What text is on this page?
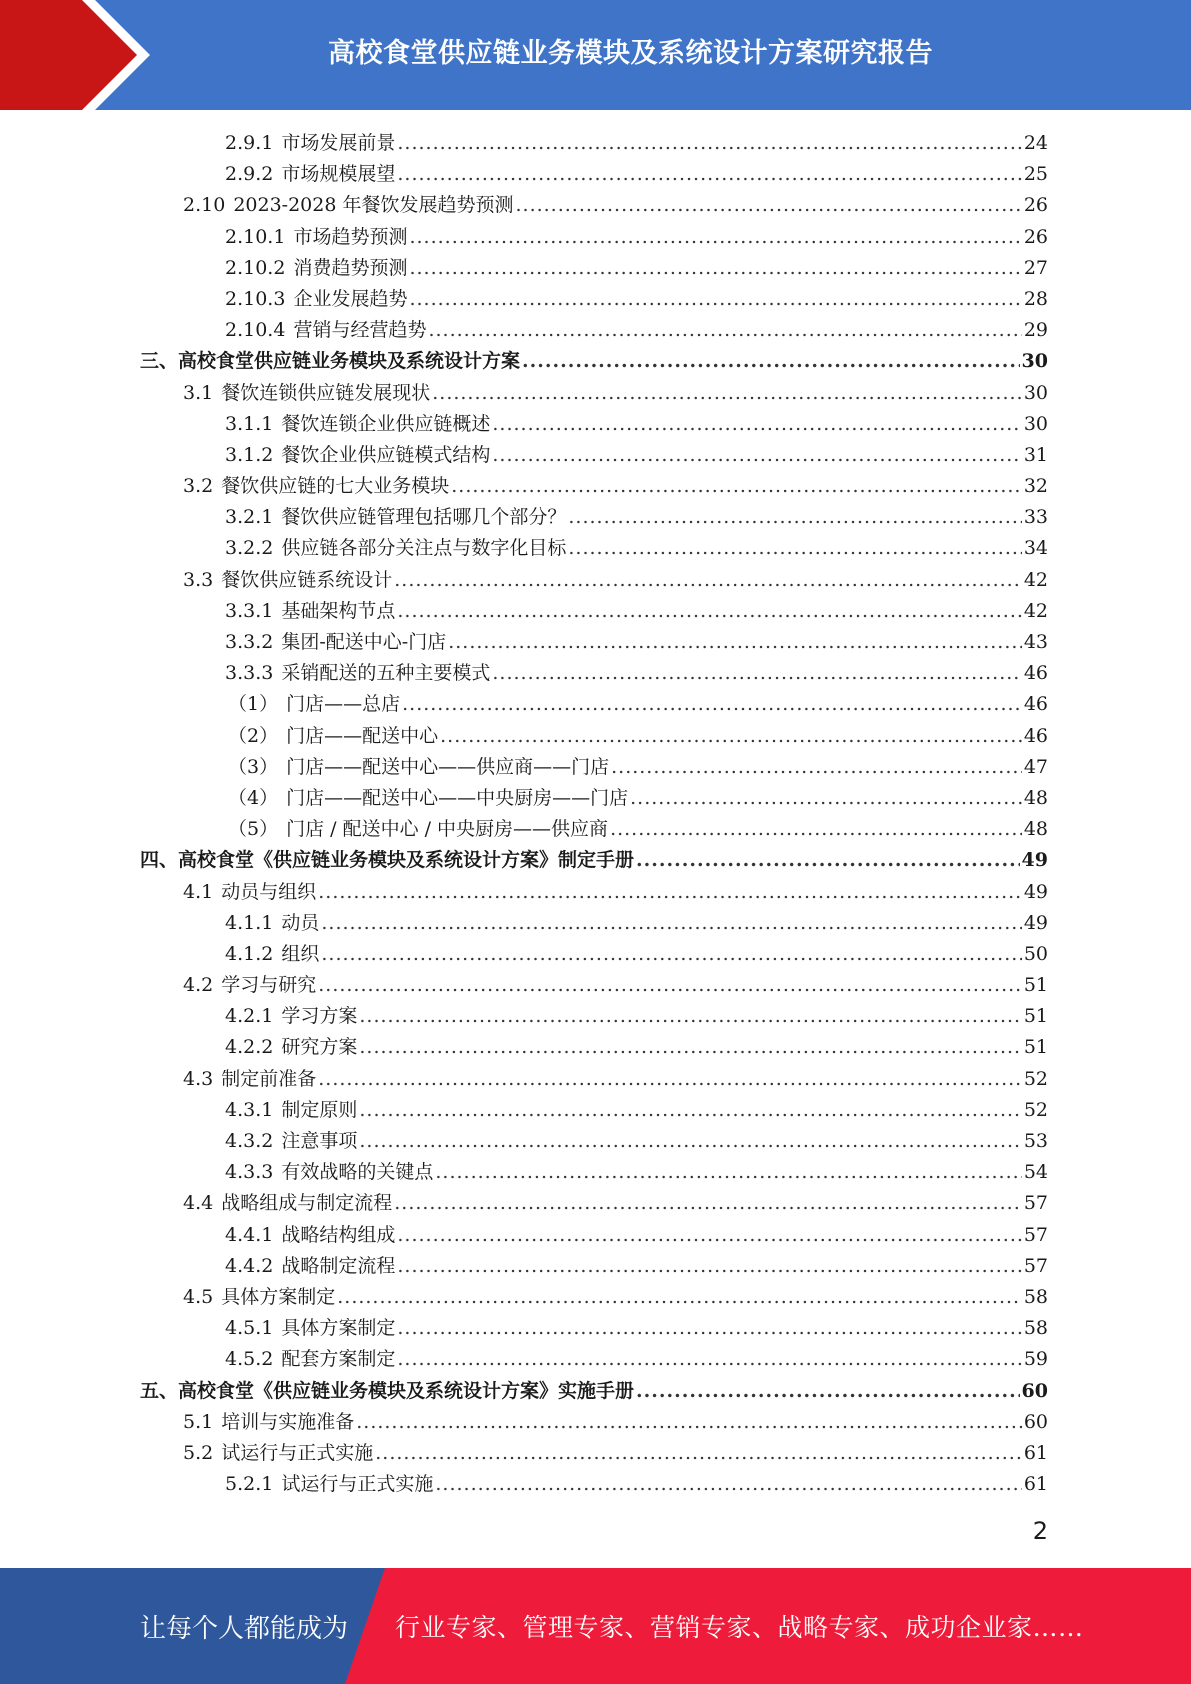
高校食堂供应链业务模块及系统设计方案研究报告
2.9.1 市场发展前景 .....	24
2.9.2 市场规模展望 .....	25
2.10 2023-2028 年餐饮发展趋势预测 .....	26
2.10.1 市场趋势预测 .....	26
2.10.2 消费趋势预测 .....	27
2.10.3 企业发展趋势 .....	28
2.10.4 营销与经营趋势 .....	29
三、 高校食堂供应链业务模块及系统设计方案 .....	30
3.1 餐饮连锁供应链发展现状 .....	30
3.1.1 餐饮连锁企业供应链概述 .....	30
3.1.2 餐饮企业供应链模式结构 .....	31
3.2 餐饮供应链的七大业务模块 .....	32
3.2.1 餐饮供应链管理包括哪几个部分？ .....	33
3.2.2 供应链各部分关注点与数字化目标 .....	34
3.3 餐饮供应链系统设计 .....	42
3.3.1 基础架构节点 .....	42
3.3.2 集团-配送中心-门店 .....	43
3.3.3 采销配送的五种主要模式 .....	46
（1） 门店——总店 .....	46
（2） 门店——配送中心 .....	46
（3） 门店——配送中心——供应商——门店 .....	47
（4） 门店——配送中心——中央厨房——门店 .....	48
（5） 门店 / 配送中心 / 中央厨房——供应商 .....	48
四、 高校食堂《供应链业务模块及系统设计方案》制定手册 .....	49
4.1 动员与组织 .....	49
4.1.1 动员 .....	49
4.1.2 组织 .....	50
4.2 学习与研究 .....	51
4.2.1 学习方案 .....	51
4.2.2 研究方案 .....	51
4.3 制定前准备 .....	52
4.3.1 制定原则 .....	52
4.3.2 注意事项 .....	53
4.3.3 有效战略的关键点 .....	54
4.4 战略组成与制定流程 .....	57
4.4.1 战略结构组成 .....	57
4.4.2 战略制定流程 .....	57
4.5 具体方案制定 .....	58
4.5.1 具体方案制定 .....	58
4.5.2 配套方案制定 .....	59
五、 高校食堂《供应链业务模块及系统设计方案》实施手册 .....	60
5.1 培训与实施准备 .....	60
5.2 试运行与正式实施 .....	61
5.2.1 试运行与正式实施 .....	61
2
让每个人都能成为 行业专家、管理专家、营销专家、战略专家、成功企业家……
